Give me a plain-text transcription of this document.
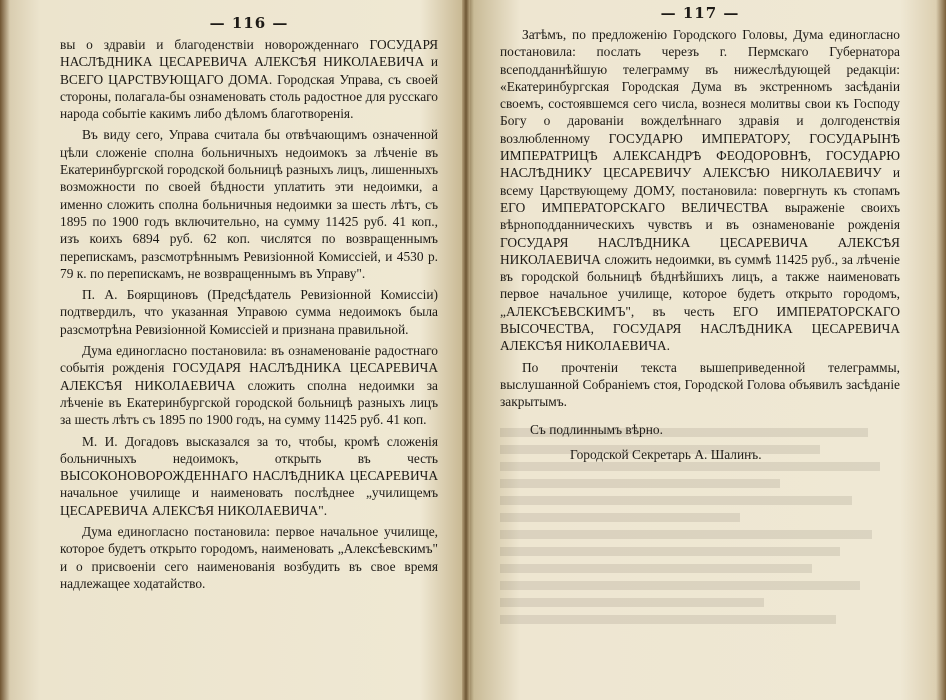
— 116 —

вы о здравіи и благоденствіи новорожденнаго ГОСУДАРЯ НАСЛѢДНИКА ЦЕСАРЕВИЧА АЛЕКСѢЯ НИКОЛАЕВИЧА и ВСЕГО ЦАРСТВУЮЩАГО ДОМА. Городская Управа, съ своей стороны, полагала-бы ознаменовать столь радостное для русскаго народа событіе какимъ либо дѣломъ благотворенія.

Въ виду сего, Управа считала бы отвѣчающимъ означенной цѣли сложеніе сполна больничныхъ недоимокъ за лѣченіе въ Екатеринбургской городской больницѣ разныхъ лицъ, лишенныхъ возможности по своей бѣдности уплатить эти недоимки, а именно сложить сполна больничныя недоимки за шесть лѣтъ, съ 1895 по 1900 годъ включительно, на сумму 11425 руб. 41 коп., изъ коихъ 6894 руб. 62 коп. числятся по возвращеннымъ перепискамъ, разсмотрѣннымъ Ревизіонной Комиссіей, и 4530 р. 79 к. по перепискамъ, не возвращеннымъ въ Управу".

П. А. Боярщиновъ (Предсѣдатель Ревизіонной Комиссіи) подтвердилъ, что указанная Управою сумма недоимокъ была разсмотрѣна Ревизіонной Комиссіей и признана правильной.

Дума единогласно постановила: въ ознаменованіе радостнаго событія рожденія ГОСУДАРЯ НАСЛѢДНИКА ЦЕСАРЕВИЧА АЛЕКСѢЯ НИКОЛАЕВИЧА сложить сполна недоимки за лѣченіе въ Екатеринбургской городской больницѣ разныхъ лицъ за шесть лѣтъ съ 1895 по 1900 годъ, на сумму 11425 руб. 41 коп.

М. И. Догадовъ высказался за то, чтобы, кромѣ сложенія больничныхъ недоимокъ, открыть въ честь ВЫСОКОНОВОРОЖДЕННАГО НАСЛѢДНИКА ЦЕСАРЕВИЧА начальное училище и наименовать послѣднее „училищемъ ЦЕСАРЕВИЧА АЛЕКСѢЯ НИКОЛАЕВИЧА".

Дума единогласно постановила: первое начальное училище, которое будетъ открыто городомъ, наименовать „Алексѣевскимъ" и о присвоеніи сего наименованія возбудить въ свое время надлежащее ходатайство.

— 117 —

Затѣмъ, по предложенію Городского Головы, Дума единогласно постановила: послать черезъ г. Пермскаго Губернатора всеподданнѣйшую телеграмму въ нижеслѣдующей редакціи: «Екатеринбургская Городская Дума въ экстренномъ засѣданіи своемъ, состоявшемся сего числа, вознеся молитвы свои къ Господу Богу о дарованіи вожделѣннаго здравія и долгоденствія возлюбленному ГОСУДАРЮ ИМПЕРАТОРУ, ГОСУДАРЫНѢ ИМПЕРАТРИЦѢ АЛЕКСАНДРѢ ФЕОДОРОВНѢ, ГОСУДАРЮ НАСЛѢДНИКУ ЦЕСАРЕВИЧУ АЛЕКСѢЮ НИКОЛАЕВИЧУ и всему Царствующему ДОМУ, постановила: повергнуть къ стопамъ ЕГО ИМПЕРАТОРСКАГО ВЕЛИЧЕСТВА выраженіе своихъ вѣрноподданническихъ чувствъ и въ ознаменованіе рожденія ГОСУДАРЯ НАСЛѢДНИКА ЦЕСАРЕВИЧА АЛЕКСѢЯ НИКОЛАЕВИЧА сложить недоимки, въ суммѣ 11425 руб., за лѣченіе въ городской больницѣ бѣднѣйшихъ лицъ, а также наименовать первое начальное училище, которое будетъ открыто городомъ, „АЛЕКСѢЕВСКИМЪ", въ честь ЕГО ИМПЕРАТОРСКАГО ВЫСОЧЕСТВА, ГОСУДАРЯ НАСЛѢДНИКА ЦЕСАРЕВИЧА АЛЕКСѢЯ НИКОЛАЕВИЧА.

По прочтеніи текста вышеприведенной телеграммы, выслушанной Собраніемъ стоя, Городской Голова объявилъ засѣданіе закрытымъ.

Съ подлиннымъ вѣрно.

Городской Секретарь А. Шалинъ.
